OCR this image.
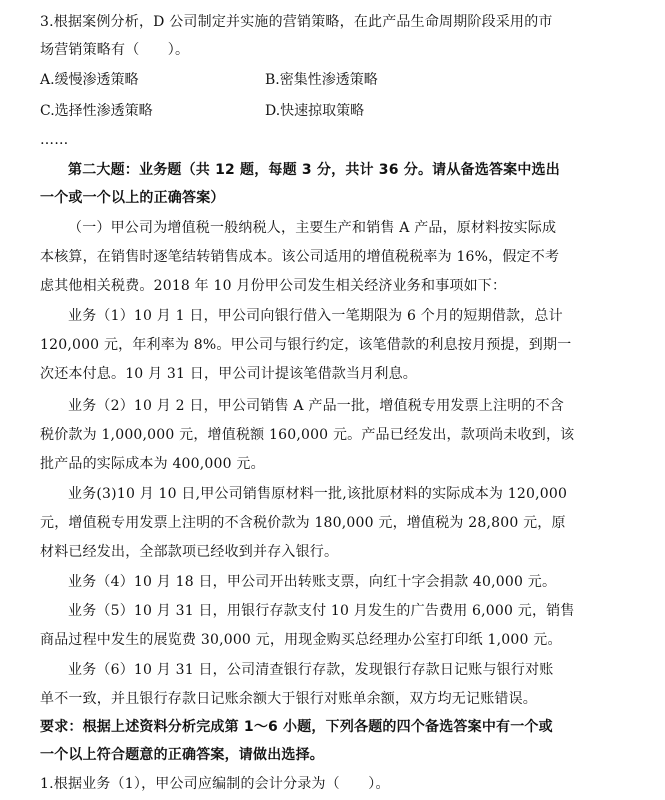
3.根据案例分析，D 公司制定并实施的营销策略，在此产品生命周期阶段采用的市

场营销策略有（　　）。

A.缓慢渗透策略	B.密集性渗透策略
C.选择性渗透策略	D.快速掠取策略

……

第二大题：业务题（共 12 题，每题 3 分，共计 36 分。请从备选答案中选出

一个或一个以上的正确答案）

（一）甲公司为增值税一般纳税人，主要生产和销售 A 产品，原材料按实际成

本核算，在销售时逐笔结转销售成本。该公司适用的增值税税率为 16%，假定不考

虑其他相关税费。2018 年 10 月份甲公司发生相关经济业务和事项如下：

业务（1）10 月 1 日，甲公司向银行借入一笔期限为 6 个月的短期借款，总计

120,000 元，年利率为 8%。甲公司与银行约定，该笔借款的利息按月预提，到期一

次还本付息。10 月 31 日，甲公司计提该笔借款当月利息。

业务（2）10 月 2 日，甲公司销售 A 产品一批，增值税专用发票上注明的不含

税价款为 1,000,000 元，增值税额 160,000 元。产品已经发出，款项尚未收到，该

批产品的实际成本为 400,000 元。

业务(3)10 月 10 日,甲公司销售原材料一批,该批原材料的实际成本为 120,000

元，增值税专用发票上注明的不含税价款为 180,000 元，增值税为 28,800 元，原

材料已经发出，全部款项已经收到并存入银行。

业务（4）10 月 18 日，甲公司开出转账支票，向红十字会捐款 40,000 元。

业务（5）10 月 31 日，用银行存款支付 10 月发生的广告费用 6,000 元，销售

商品过程中发生的展览费 30,000 元，用现金购买总经理办公室打印纸 1,000 元。

业务（6）10 月 31 日，公司清查银行存款，发现银行存款日记账与银行对账

单不一致，并且银行存款日记账余额大于银行对账单余额，双方均无记账错误。

要求：根据上述资料分析完成第 1～6 小题，下列各题的四个备选答案中有一个或

一个以上符合题意的正确答案，请做出选择。

1.根据业务（1），甲公司应编制的会计分录为（　　）。
